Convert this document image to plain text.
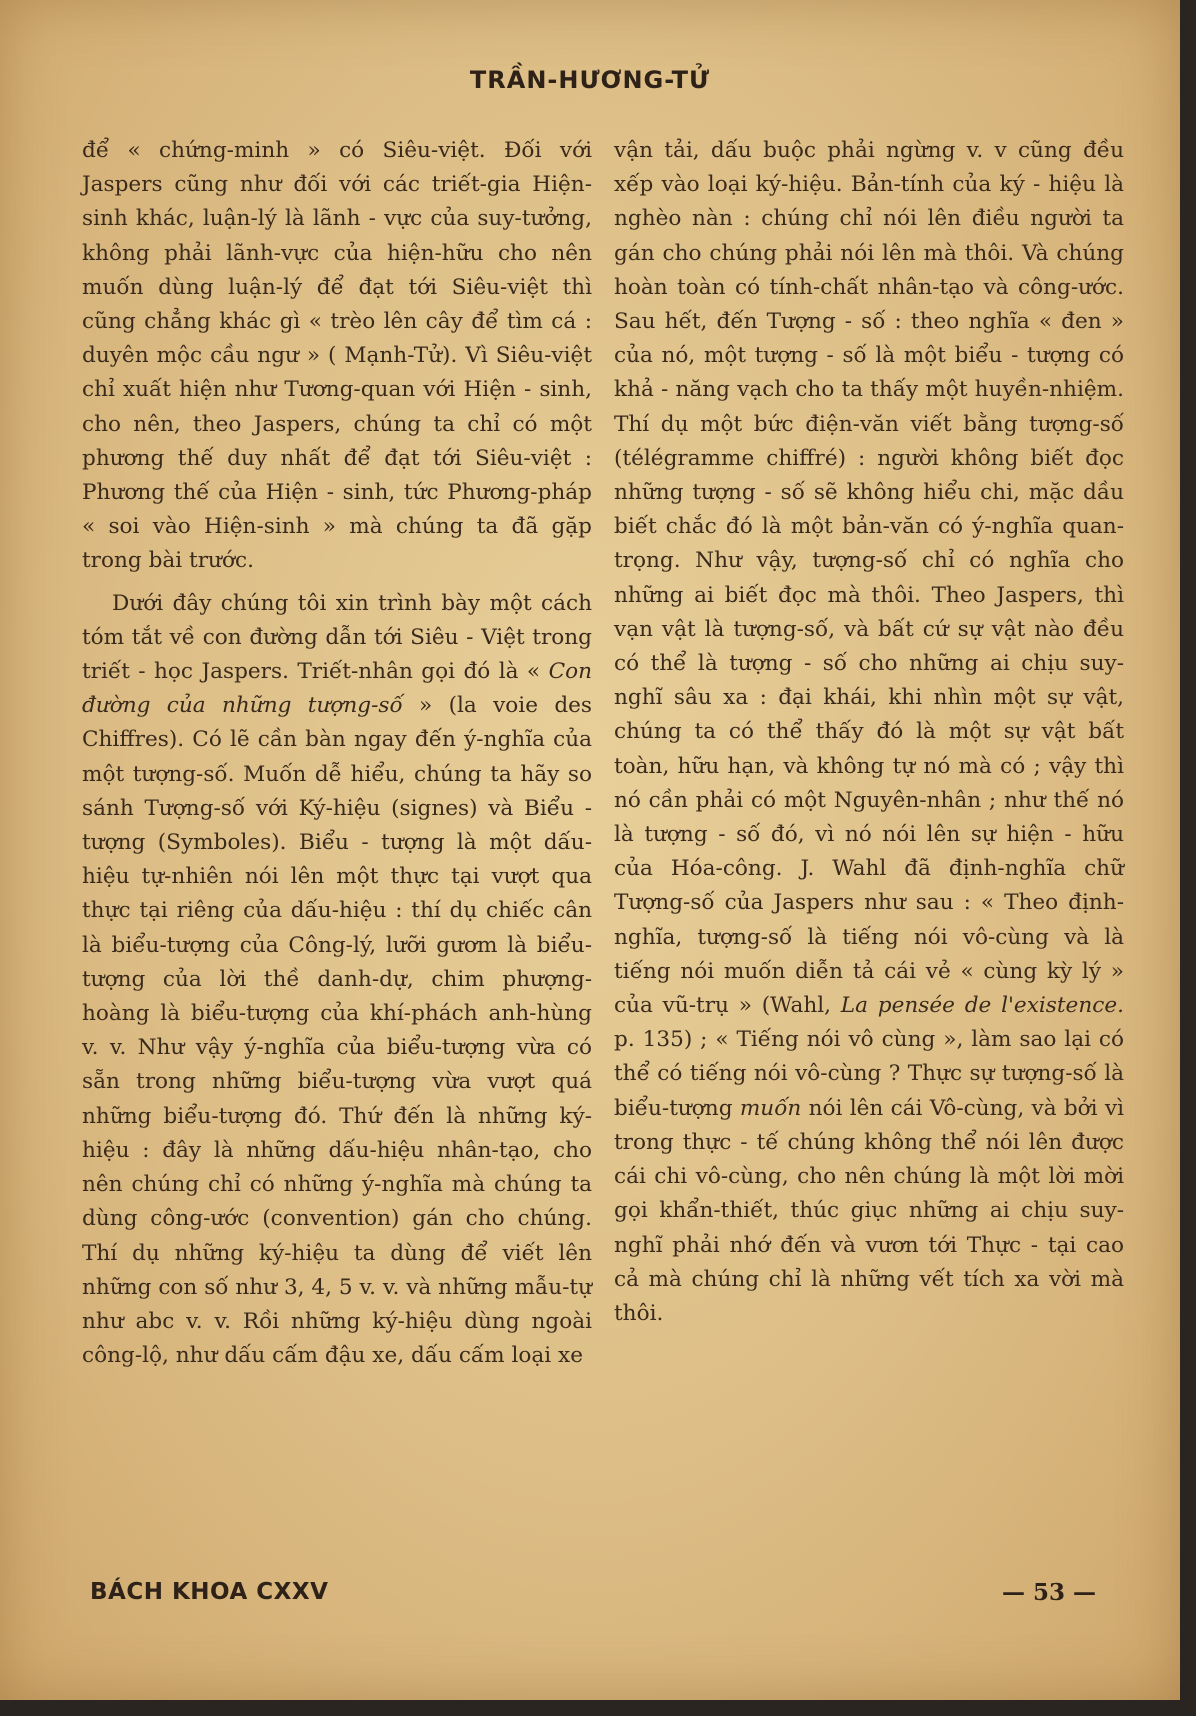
TRẦN-HƯƠNG-TỬ

để « chứng-minh » có Siêu-việt. Đối với Jaspers cũng như đối với các triết-gia Hiện-sinh khác, luận-lý là lãnh - vực của suy-tưởng, không phải lãnh-vực của hiện-hữu cho nên muốn dùng luận-lý để đạt tới Siêu-việt thì cũng chẳng khác gì « trèo lên cây để tìm cá : duyên mộc cầu ngư » ( Mạnh-Tử). Vì Siêu-việt chỉ xuất hiện như Tương-quan với Hiện - sinh, cho nên, theo Jaspers, chúng ta chỉ có một phương thế duy nhất để đạt tới Siêu-việt : Phương thế của Hiện - sinh, tức Phương-pháp « soi vào Hiện-sinh » mà chúng ta đã gặp trong bài trước.

Dưới đây chúng tôi xin trình bày một cách tóm tắt về con đường dẫn tới Siêu - Việt trong triết - học Jaspers. Triết-nhân gọi đó là « Con đường của những tượng-số » (la voie des Chiffres). Có lẽ cần bàn ngay đến ý-nghĩa của một tượng-số. Muốn dễ hiểu, chúng ta hãy so sánh Tượng-số với Ký-hiệu (signes) và Biểu - tượng (Symboles). Biểu - tượng là một dấu-hiệu tự-nhiên nói lên một thực tại vượt qua thực tại riêng của dấu-hiệu : thí dụ chiếc cân là biểu-tượng của Công-lý, lưỡi gươm là biểu-tượng của lời thề danh-dự, chim phượng-hoàng là biểu-tượng của khí-phách anh-hùng v. v. Như vậy ý-nghĩa của biểu-tượng vừa có sẵn trong những biểu-tượng vừa vượt quá những biểu-tượng đó. Thứ đến là những ký-hiệu : đây là những dấu-hiệu nhân-tạo, cho nên chúng chỉ có những ý-nghĩa mà chúng ta dùng công-ước (convention) gán cho chúng. Thí dụ những ký-hiệu ta dùng để viết lên những con số như 3, 4, 5 v. v. và những mẫu-tự như abc v. v. Rồi những ký-hiệu dùng ngoài công-lộ, như dấu cấm đậu xe, dấu cấm loại xe

vận tải, dấu buộc phải ngừng v. v cũng đều xếp vào loại ký-hiệu. Bản-tính của ký - hiệu là nghèo nàn : chúng chỉ nói lên điều người ta gán cho chúng phải nói lên mà thôi. Và chúng hoàn toàn có tính-chất nhân-tạo và công-ước. Sau hết, đến Tượng - số : theo nghĩa « đen » của nó, một tượng - số là một biểu - tượng có khả - năng vạch cho ta thấy một huyền-nhiệm. Thí dụ một bức điện-văn viết bằng tượng-số (télégramme chiffré) : người không biết đọc những tượng - số sẽ không hiểu chi, mặc dầu biết chắc đó là một bản-văn có ý-nghĩa quan-trọng. Như vậy, tượng-số chỉ có nghĩa cho những ai biết đọc mà thôi. Theo Jaspers, thì vạn vật là tượng-số, và bất cứ sự vật nào đều có thể là tượng - số cho những ai chịu suy-nghĩ sâu xa : đại khái, khi nhìn một sự vật, chúng ta có thể thấy đó là một sự vật bất toàn, hữu hạn, và không tự nó mà có ; vậy thì nó cần phải có một Nguyên-nhân ; như thế nó là tượng - số đó, vì nó nói lên sự hiện - hữu của Hóa-công. J. Wahl đã định-nghĩa chữ Tượng-số của Jaspers như sau : « Theo định-nghĩa, tượng-số là tiếng nói vô-cùng và là tiếng nói muốn diễn tả cái vẻ « cùng kỳ lý » của vũ-trụ » (Wahl, La pensée de l'existence. p. 135) ; « Tiếng nói vô cùng », làm sao lại có thể có tiếng nói vô-cùng ? Thực sự tượng-số là biểu-tượng muốn nói lên cái Vô-cùng, và bởi vì trong thực - tế chúng không thể nói lên được cái chi vô-cùng, cho nên chúng là một lời mời gọi khẩn-thiết, thúc giục những ai chịu suy-nghĩ phải nhớ đến và vươn tới Thực - tại cao cả mà chúng chỉ là những vết tích xa vời mà thôi.

BÁCH KHOA CXXV	— 53 —
